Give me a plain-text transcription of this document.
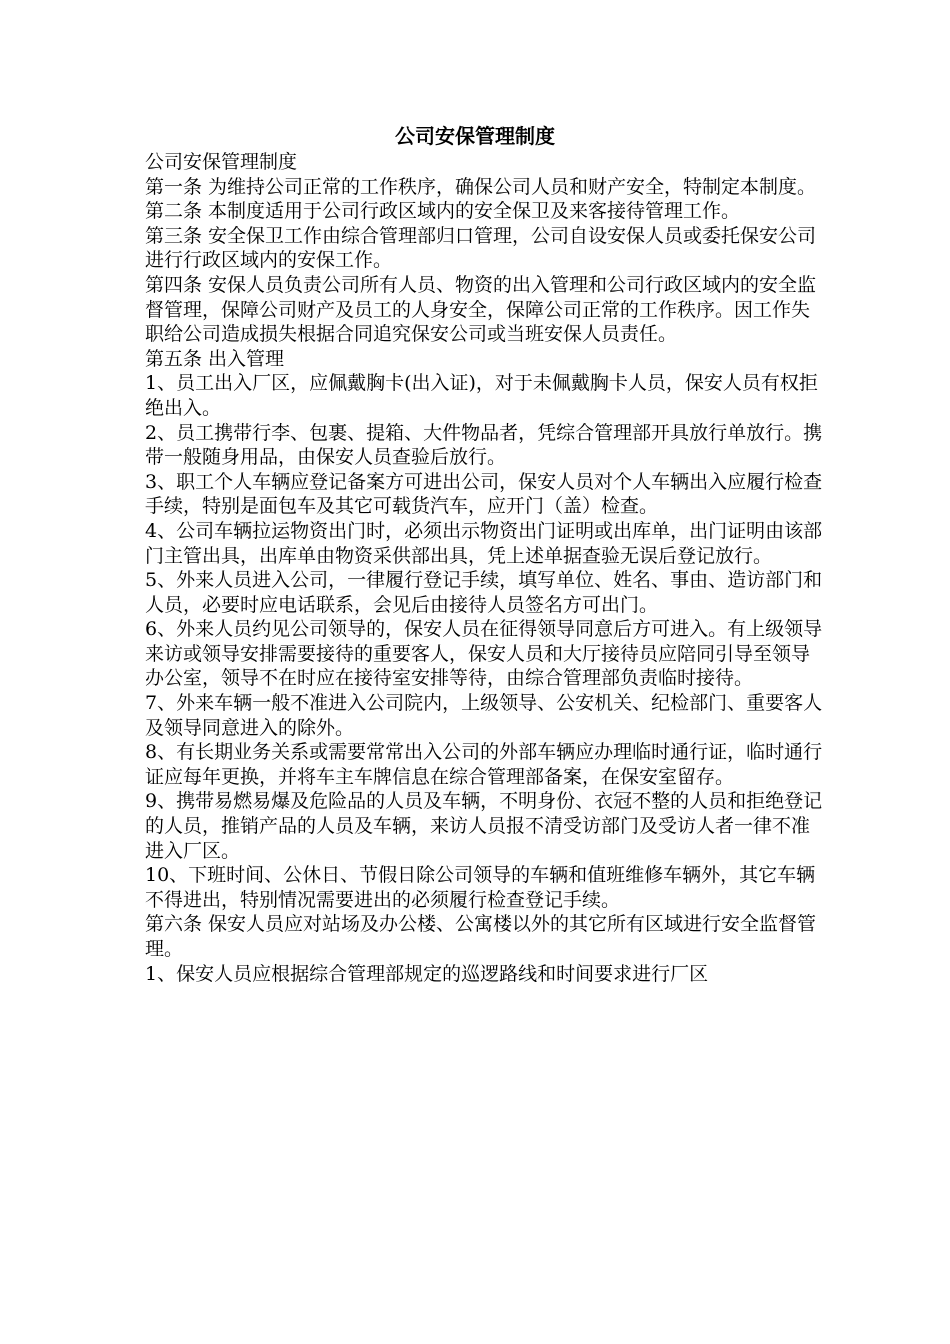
公司安保管理制度

公司安保管理制度

第一条 为维持公司正常的工作秩序，确保公司人员和财产安全，特制定本制度。

第二条 本制度适用于公司行政区域内的安全保卫及来客接待管理工作。

第三条 安全保卫工作由综合管理部归口管理，公司自设安保人员或委托保安公司进行行政区域内的安保工作。

第四条 安保人员负责公司所有人员、物资的出入管理和公司行政区域内的安全监督管理，保障公司财产及员工的人身安全，保障公司正常的工作秩序。因工作失职给公司造成损失根据合同追究保安公司或当班安保人员责任。

第五条 出入管理

1、员工出入厂区，应佩戴胸卡(出入证)，对于未佩戴胸卡人员，保安人员有权拒绝出入。

2、员工携带行李、包裹、提箱、大件物品者，凭综合管理部开具放行单放行。携带一般随身用品，由保安人员查验后放行。

3、职工个人车辆应登记备案方可进出公司，保安人员对个人车辆出入应履行检查手续，特别是面包车及其它可载货汽车，应开门（盖）检查。

4、公司车辆拉运物资出门时，必须出示物资出门证明或出库单，出门证明由该部门主管出具，出库单由物资采供部出具，凭上述单据查验无误后登记放行。

5、外来人员进入公司，一律履行登记手续，填写单位、姓名、事由、造访部门和人员，必要时应电话联系，会见后由接待人员签名方可出门。

6、外来人员约见公司领导的，保安人员在征得领导同意后方可进入。有上级领导来访或领导安排需要接待的重要客人，保安人员和大厅接待员应陪同引导至领导办公室，领导不在时应在接待室安排等待，由综合管理部负责临时接待。

7、外来车辆一般不准进入公司院内，上级领导、公安机关、纪检部门、重要客人及领导同意进入的除外。

8、有长期业务关系或需要常常出入公司的外部车辆应办理临时通行证，临时通行证应每年更换，并将车主车牌信息在综合管理部备案，在保安室留存。

9、携带易燃易爆及危险品的人员及车辆，不明身份、衣冠不整的人员和拒绝登记的人员，推销产品的人员及车辆，来访人员报不清受访部门及受访人者一律不准进入厂区。

10、下班时间、公休日、节假日除公司领导的车辆和值班维修车辆外，其它车辆不得进出，特别情况需要进出的必须履行检查登记手续。

第六条 保安人员应对站场及办公楼、公寓楼以外的其它所有区域进行安全监督管理。

1、保安人员应根据综合管理部规定的巡逻路线和时间要求进行厂区
